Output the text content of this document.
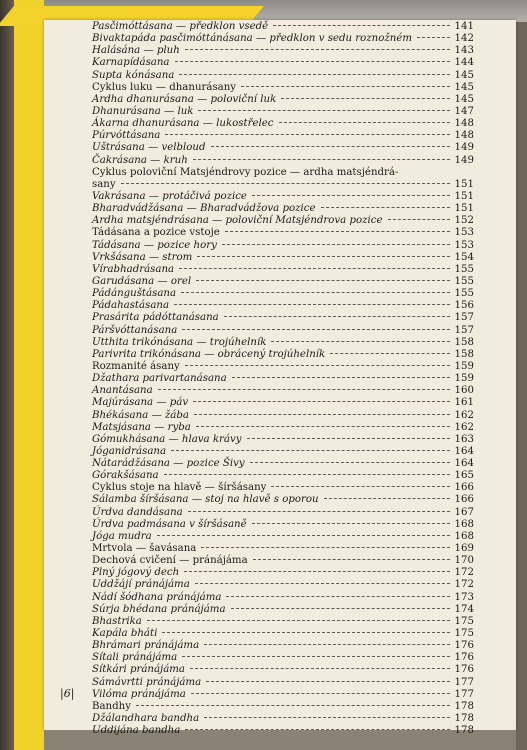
Pasčimóttásana — předklon vsedě	141
Bivaktapáda pasčimóttánásana — předklon v sedu roznožném	142
Halásána — pluh	143
Karnapídásana	144
Supta kónásana	145
Cyklus luku — dhanurásany	145
Ardha dhanurásana — poloviční luk	145
Dhanurásana — luk	147
Ákarna dhanurásana — lukostřelec	148
Púrvóttásana	148
Uštrásana — velbloud	149
Čakrásana — kruh	149
Cyklus poloviční Matsjéndrovy pozice — ardha matsjéndrá-
sany	151
Vakrásana — protáčivá pozice	151
Bharadvádžásana — Bharadvádžova pozice	151
Ardha matsjéndrásana — poloviční Matsjéndrova pozice	152
Tádásana a pozice vstoje	153
Tádásana — pozice hory	153
Vrkšásana — strom	154
Vírabhadrásana	155
Garudásana — orel	155
Pádánguštásana	155
Pádahastásana	156
Prasárita pádóttanásana	157
Páršvóttanásana	157
Utthita trikónásana — trojúhelník	158
Parivrita trikónásana — obrácený trojúhelník	158
Rozmanité ásany	159
Džathara parivartanásana	159
Anantásana	160
Majúrásana — páv	161
Bhékásana — žába	162
Matsjásana — ryba	162
Gómukhásana — hlava krávy	163
Jóganidrásana	164
Nátarádžásana — pozice Šivy	164
Górakšásana	165
Cyklus stoje na hlavě — šíršásany	166
Sálamba šíršásana — stoj na hlavě s oporou	166
Úrdva dandásana	167
Úrdva padmásana v šíršásaně	168
Jóga mudra	168
Mrtvola — šavásana	169
Dechová cvičení — pránájáma	170
Plný jógový dech	172
Uddžájí pránájáma	172
Nádí šódhana pránájáma	173
Súrja bhédana pránájáma	174
Bhastrika	175
Kapála bháti	175
Bhrámari pránájáma	176
Sítali pránájáma	176
Sítkári pránájáma	176
Sámávrtti pránájáma	177
Vilóma pránájáma	177
Bandhy	178
Džálandhara bandha	178
Uddijána bandha	178
|6|
